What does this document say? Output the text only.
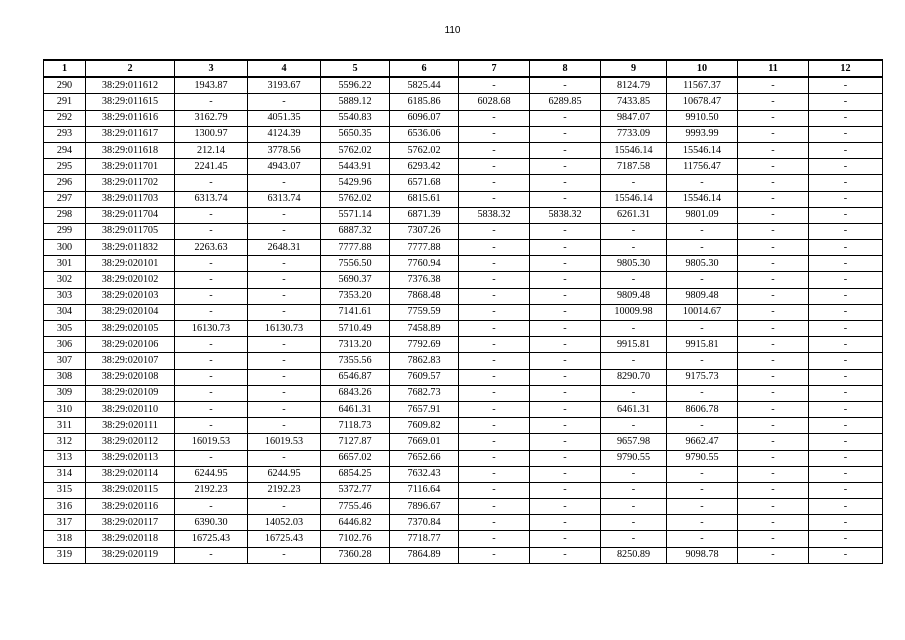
110
1	2	3	4	5	6	7	8	9	10	11	12
290	38:29:011612	1943.87	3193.67	5596.22	5825.44	-	-	8124.79	11567.37	-	-
291	38:29:011615	-	-	5889.12	6185.86	6028.68	6289.85	7433.85	10678.47	-	-
292	38:29:011616	3162.79	4051.35	5540.83	6096.07	-	-	9847.07	9910.50	-	-
293	38:29:011617	1300.97	4124.39	5650.35	6536.06	-	-	7733.09	9993.99	-	-
294	38:29:011618	212.14	3778.56	5762.02	5762.02	-	-	15546.14	15546.14	-	-
295	38:29:011701	2241.45	4943.07	5443.91	6293.42	-	-	7187.58	11756.47	-	-
296	38:29:011702	-	-	5429.96	6571.68	-	-	-	-	-	-
297	38:29:011703	6313.74	6313.74	5762.02	6815.61	-	-	15546.14	15546.14	-	-
298	38:29:011704	-	-	5571.14	6871.39	5838.32	5838.32	6261.31	9801.09	-	-
299	38:29:011705	-	-	6887.32	7307.26	-	-	-	-	-	-
300	38:29:011832	2263.63	2648.31	7777.88	7777.88	-	-	-	-	-	-
301	38:29:020101	-	-	7556.50	7760.94	-	-	9805.30	9805.30	-	-
302	38:29:020102	-	-	5690.37	7376.38	-	-	-	-	-	-
303	38:29:020103	-	-	7353.20	7868.48	-	-	9809.48	9809.48	-	-
304	38:29:020104	-	-	7141.61	7759.59	-	-	10009.98	10014.67	-	-
305	38:29:020105	16130.73	16130.73	5710.49	7458.89	-	-	-	-	-	-
306	38:29:020106	-	-	7313.20	7792.69	-	-	9915.81	9915.81	-	-
307	38:29:020107	-	-	7355.56	7862.83	-	-	-	-	-	-
308	38:29:020108	-	-	6546.87	7609.57	-	-	8290.70	9175.73	-	-
309	38:29:020109	-	-	6843.26	7682.73	-	-	-	-	-	-
310	38:29:020110	-	-	6461.31	7657.91	-	-	6461.31	8606.78	-	-
311	38:29:020111	-	-	7118.73	7609.82	-	-	-	-	-	-
312	38:29:020112	16019.53	16019.53	7127.87	7669.01	-	-	9657.98	9662.47	-	-
313	38:29:020113	-	-	6657.02	7652.66	-	-	9790.55	9790.55	-	-
314	38:29:020114	6244.95	6244.95	6854.25	7632.43	-	-	-	-	-	-
315	38:29:020115	2192.23	2192.23	5372.77	7116.64	-	-	-	-	-	-
316	38:29:020116	-	-	7755.46	7896.67	-	-	-	-	-	-
317	38:29:020117	6390.30	14052.03	6446.82	7370.84	-	-	-	-	-	-
318	38:29:020118	16725.43	16725.43	7102.76	7718.77	-	-	-	-	-	-
319	38:29:020119	-	-	7360.28	7864.89	-	-	8250.89	9098.78	-	-
